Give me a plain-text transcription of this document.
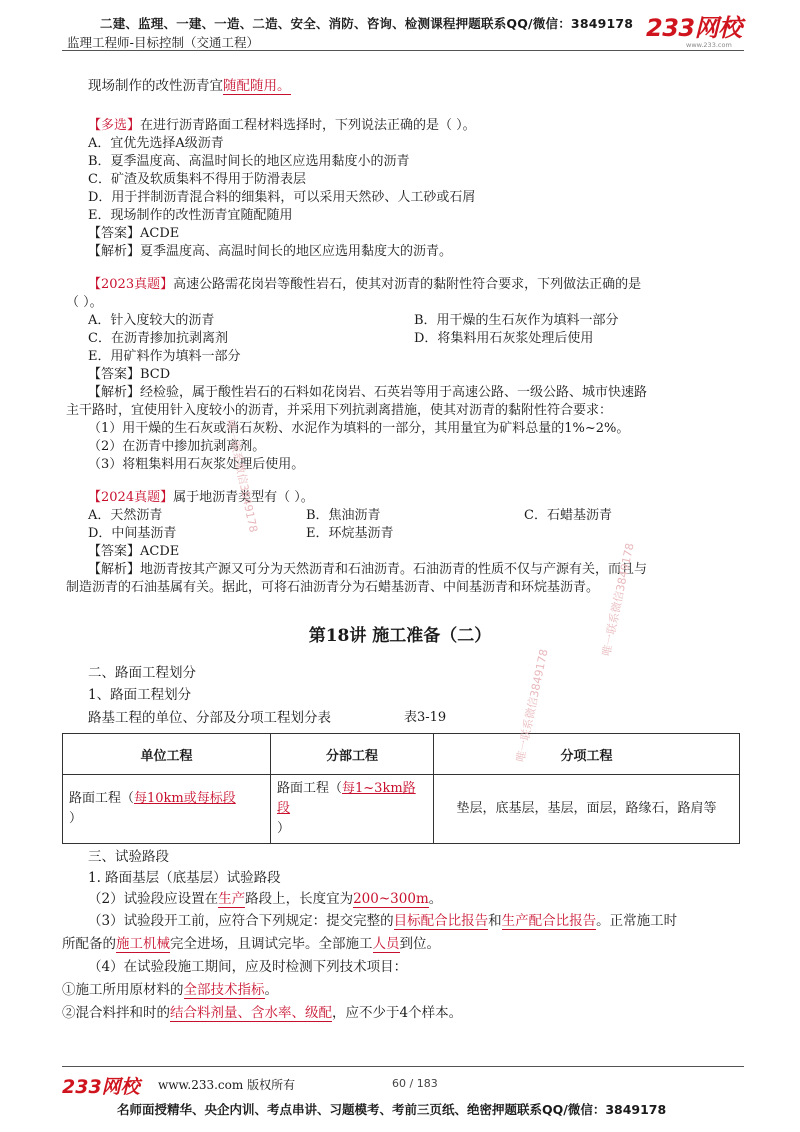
二建、监理、一建、一造、二造、安全、消防、咨询、检测课程押题联系QQ/微信：3849178
监理工程师-目标控制（交通工程）
233网校
www.233.com
现场制作的改性沥青宜随配随用。
【多选】在进行沥青路面工程材料选择时，下列说法正确的是（ ）。
A．宜优先选择A级沥青
B．夏季温度高、高温时间长的地区应选用黏度小的沥青
C．矿渣及软质集料不得用于防滑表层
D．用于拌制沥青混合料的细集料，可以采用天然砂、人工砂或石屑
E．现场制作的改性沥青宜随配随用
【答案】ACDE
【解析】夏季温度高、高温时间长的地区应选用黏度大的沥青。
【2023真题】高速公路需花岗岩等酸性岩石，使其对沥青的黏附性符合要求，下列做法正确的是
（ ）。
A．针入度较大的沥青	B．用干燥的生石灰作为填料一部分
C．在沥青掺加抗剥离剂	D．将集料用石灰浆处理后使用
E．用矿料作为填料一部分
【答案】BCD
【解析】经检验，属于酸性岩石的石料如花岗岩、石英岩等用于高速公路、一级公路、城市快速路
主干路时，宜使用针入度较小的沥青，并采用下列抗剥离措施，使其对沥青的黏附性符合要求：
（1）用干燥的生石灰或消石灰粉、水泥作为填料的一部分，其用量宜为矿料总量的1%~2%。
（2）在沥青中掺加抗剥离剂。
（3）将粗集料用石灰浆处理后使用。
【2024真题】属于地沥青类型有（ ）。
A．天然沥青	B．焦油沥青	C．石蜡基沥青
D．中间基沥青	E．环烷基沥青
【答案】ACDE
【解析】地沥青按其产源又可分为天然沥青和石油沥青。石油沥青的性质不仅与产源有关，而且与
制造沥青的石油基属有关。据此，可将石油沥青分为石蜡基沥青、中间基沥青和环烷基沥青。
第18讲 施工准备（二）
二、路面工程划分
1、路面工程划分
路基工程的单位、分部及分项工程划分表	表3-19
单位工程	分部工程	分项工程
路面工程（每10km或每标段
）	路面工程（每1~3km路段
）	垫层，底基层，基层，面层，路缘石，路肩等
三、试验路段
1. 路面基层（底基层）试验路段
（2）试验段应设置在生产路段上，长度宜为200~300m。
（3）试验段开工前，应符合下列规定：提交完整的目标配合比报告和生产配合比报告。正常施工时
所配备的施工机械完全进场，且调试完毕。全部施工人员到位。
（4）在试验段施工期间，应及时检测下列技术项目：
①施工所用原材料的全部技术指标。
②混合料拌和时的结合料剂量、含水率、级配，应不少于4个样本。
唯一联系微信3849178
唯一联系微信3849178
唯一联系微信3849178
233网校 www.233.com 版权所有	60 / 183
名师面授精华、央企内训、考点串讲、习题模考、考前三页纸、绝密押题联系QQ/微信：3849178
